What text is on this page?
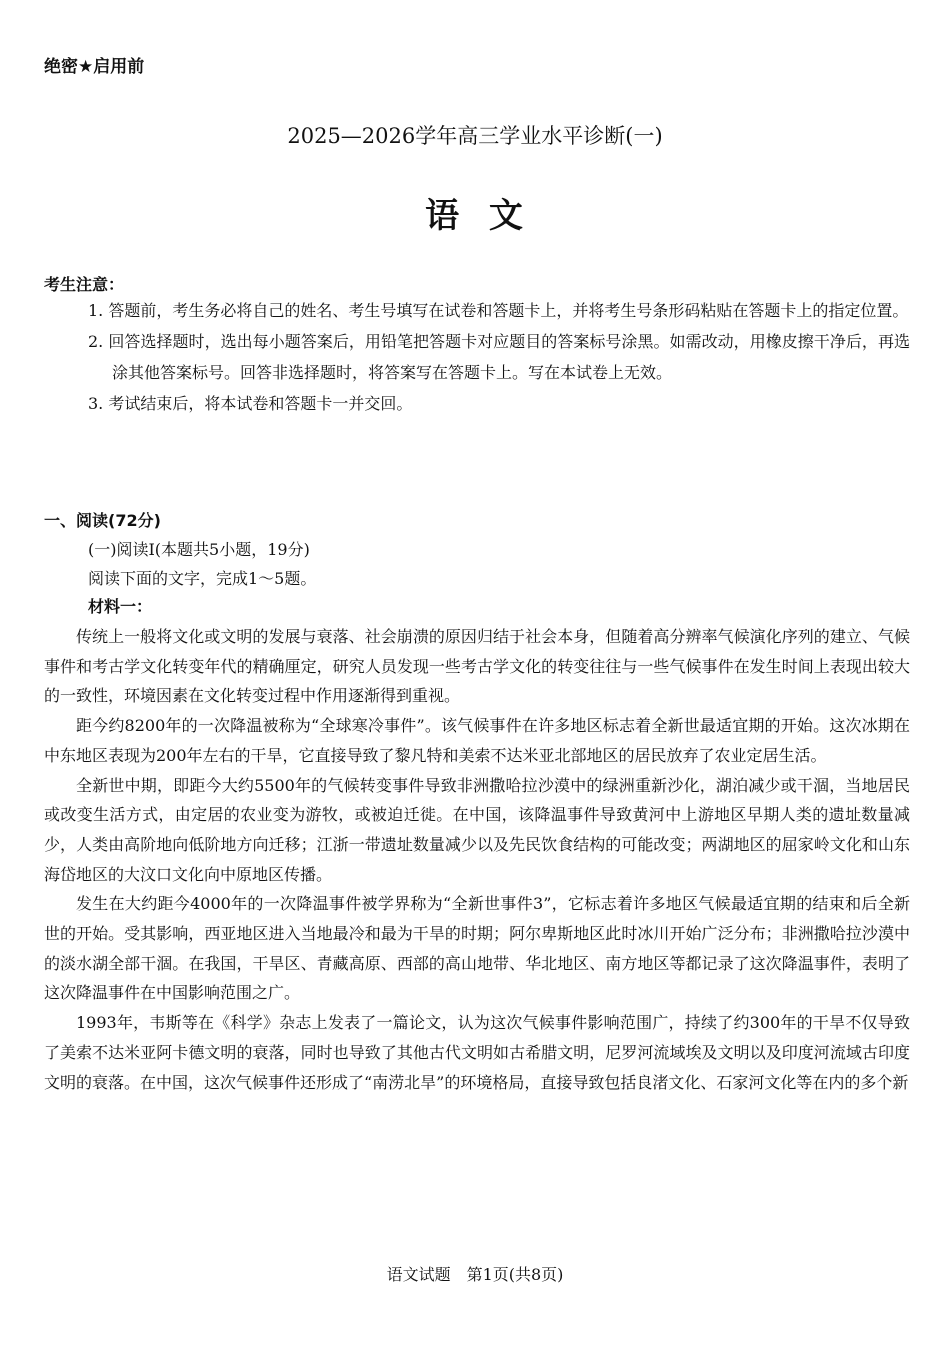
绝密★启用前
2025—2026学年高三学业水平诊断(一)
语  文
考生注意：
1. 答题前，考生务必将自己的姓名、考生号填写在试卷和答题卡上，并将考生号条形码粘贴在答题卡上的指定位置。
2. 回答选择题时，选出每小题答案后，用铅笔把答题卡对应题目的答案标号涂黑。如需改动，用橡皮擦干净后，再选涂其他答案标号。回答非选择题时，将答案写在答题卡上。写在本试卷上无效。
3. 考试结束后，将本试卷和答题卡一并交回。
一、阅读(72分)
(一)阅读Ⅰ(本题共5小题，19分)
阅读下面的文字，完成1～5题。
材料一：

传统上一般将文化或文明的发展与衰落、社会崩溃的原因归结于社会本身，但随着高分辨率气候演化序列的建立、气候事件和考古学文化转变年代的精确厘定，研究人员发现一些考古学文化的转变往往与一些气候事件在发生时间上表现出较大的一致性，环境因素在文化转变过程中作用逐渐得到重视。

距今约8200年的一次降温被称为“全球寒冷事件”。该气候事件在许多地区标志着全新世最适宜期的开始。这次冰期在中东地区表现为200年左右的干旱，它直接导致了黎凡特和美索不达米亚北部地区的居民放弃了农业定居生活。

全新世中期，即距今大约5500年的气候转变事件导致非洲撒哈拉沙漠中的绿洲重新沙化，湖泊减少或干涸，当地居民或改变生活方式，由定居的农业变为游牧，或被迫迁徙。在中国，该降温事件导致黄河中上游地区早期人类的遗址数量减少，人类由高阶地向低阶地方向迁移；江浙一带遗址数量减少以及先民饮食结构的可能改变；两湖地区的屈家岭文化和山东海岱地区的大汶口文化向中原地区传播。

发生在大约距今4000年的一次降温事件被学界称为“全新世事件3”，它标志着许多地区气候最适宜期的结束和后全新世的开始。受其影响，西亚地区进入当地最冷和最为干旱的时期；阿尔卑斯地区此时冰川开始广泛分布；非洲撒哈拉沙漠中的淡水湖全部干涸。在我国，干旱区、青藏高原、西部的高山地带、华北地区、南方地区等都记录了这次降温事件，表明了这次降温事件在中国影响范围之广。

1993年，韦斯等在《科学》杂志上发表了一篇论文，认为这次气候事件影响范围广，持续了约300年的干旱不仅导致了美索不达米亚阿卡德文明的衰落，同时也导致了其他古代文明如古希腊文明，尼罗河流域埃及文明以及印度河流域古印度文明的衰落。在中国，这次气候事件还形成了“南涝北旱”的环境格局，直接导致包括良渚文化、石家河文化等在内的多个新

语文试题　第1页(共8页)
